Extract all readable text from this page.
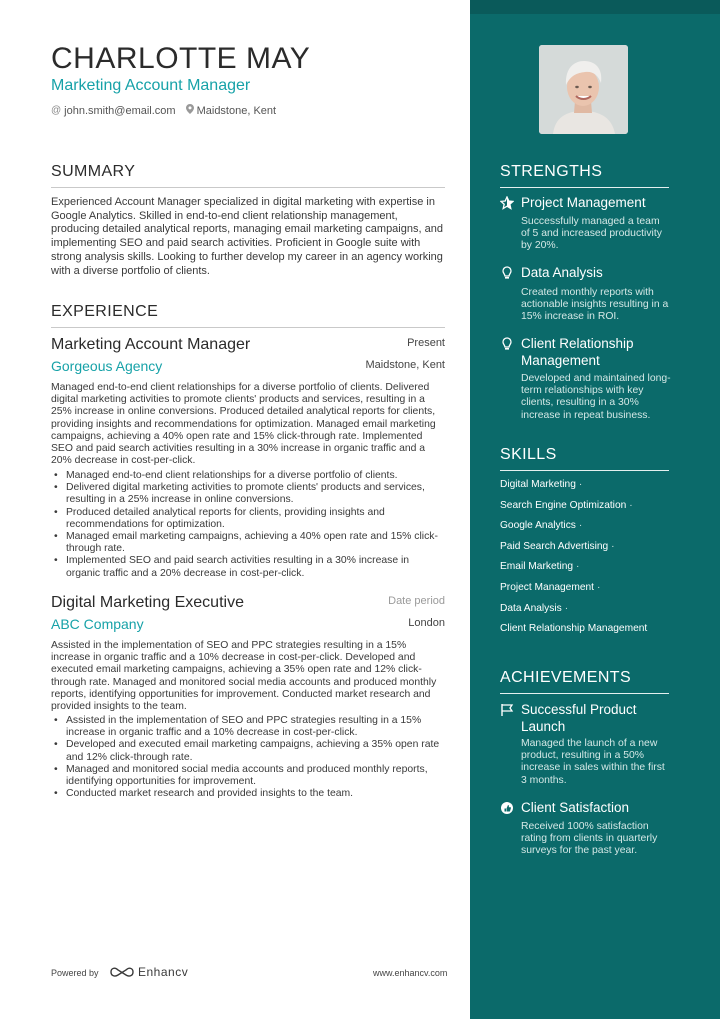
CHARLOTTE MAY
Marketing Account Manager
@ john.smith@email.com Maidstone, Kent
SUMMARY
Experienced Account Manager specialized in digital marketing with expertise in Google Analytics. Skilled in end-to-end client relationship management, producing detailed analytical reports, managing email marketing campaigns, and implementing SEO and paid search activities. Proficient in Google suite with strong analysis skills. Looking to further develop my career in an agency working with a diverse portfolio of clients.
EXPERIENCE
Marketing Account Manager	Present
Gorgeous Agency	Maidstone, Kent
Managed end-to-end client relationships for a diverse portfolio of clients. Delivered digital marketing activities to promote clients' products and services, resulting in a 25% increase in online conversions. Produced detailed analytical reports for clients, providing insights and recommendations for optimization. Managed email marketing campaigns, achieving a 40% open rate and 15% click-through rate. Implemented SEO and paid search activities resulting in a 30% increase in organic traffic and a 20% decrease in cost-per-click.
• Managed end-to-end client relationships for a diverse portfolio of clients.
• Delivered digital marketing activities to promote clients' products and services, resulting in a 25% increase in online conversions.
• Produced detailed analytical reports for clients, providing insights and recommendations for optimization.
• Managed email marketing campaigns, achieving a 40% open rate and 15% click-through rate.
• Implemented SEO and paid search activities resulting in a 30% increase in organic traffic and a 20% decrease in cost-per-click.
Digital Marketing Executive	Date period
ABC Company	London
Assisted in the implementation of SEO and PPC strategies resulting in a 15% increase in organic traffic and a 10% decrease in cost-per-click. Developed and executed email marketing campaigns, achieving a 35% open rate and 12% click-through rate. Managed and monitored social media accounts and produced monthly reports, identifying opportunities for improvement. Conducted market research and provided insights to the team.
• Assisted in the implementation of SEO and PPC strategies resulting in a 15% increase in organic traffic and a 10% decrease in cost-per-click.
• Developed and executed email marketing campaigns, achieving a 35% open rate and 12% click-through rate.
• Managed and monitored social media accounts and produced monthly reports, identifying opportunities for improvement.
• Conducted market research and provided insights to the team.
Powered by	Enhancv	www.enhancv.com
STRENGTHS
Project Management
Successfully managed a team of 5 and increased productivity by 20%.
Data Analysis
Created monthly reports with actionable insights resulting in a 15% increase in ROI.
Client Relationship Management
Developed and maintained long-term relationships with key clients, resulting in a 30% increase in repeat business.
SKILLS
Digital Marketing ·
Search Engine Optimization ·
Google Analytics ·
Paid Search Advertising ·
Email Marketing ·
Project Management ·
Data Analysis ·
Client Relationship Management
ACHIEVEMENTS
Successful Product Launch
Managed the launch of a new product, resulting in a 50% increase in sales within the first 3 months.
Client Satisfaction
Received 100% satisfaction rating from clients in quarterly surveys for the past year.
